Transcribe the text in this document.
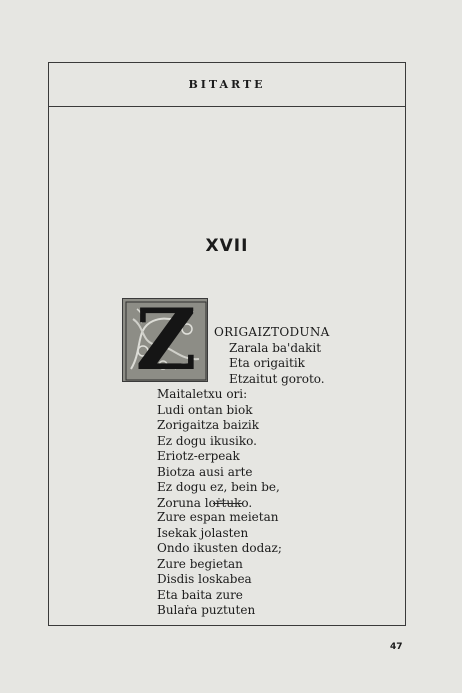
BITARTE
XVII
Z	ORIGAIZTODUNA
Zarala ba'dakit
Eta origaitik
Etzaitut goroto.
Maitaletxu ori:
Ludi ontan biok
Zorigaitza baizik
Ez dogu ikusiko.
Eriotz-erpeak
Biotza ausi arte
Ez dogu ez, bein be,
Zoruna loṙtuko.
Zure espan meietan
Isekak jolasten
Ondo ikusten dodaz;
Zure begietan
Disdis loskabea
Eta baita zure
Bulaṙa puztuten
47
